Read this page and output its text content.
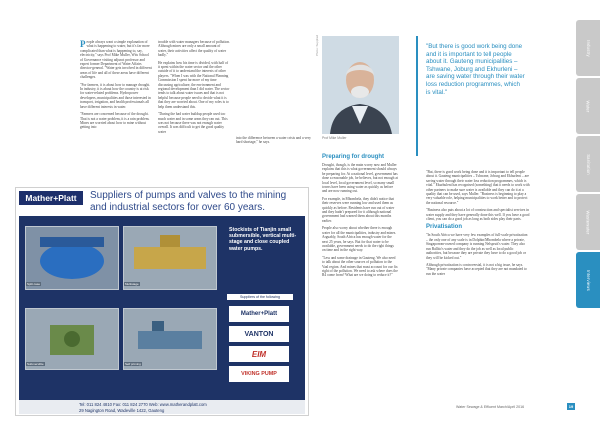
People always want a simple explanation of what is happening to water, but it's far more complicated than what is happening to, say, electricity," says Prof Mike Muller, Wits School of Governance visiting adjunct professor and expert former Department of Water Affairs director-general. "Water gets involved in different areas of life and all of these areas have different challenges.

"For farmers, it is about how to manage drought. In industry, it is about how the country is at risk for water-related problems. Hydropower developers, municipalities and those interested in transport, irrigation, and health professionals all have different interests in water.

"Farmers are concerned because of the drought. That is not a water problem, it is a rain problem. Mines are worried about how to mine without getting into

trouble with water managers because of pollution. Although mines are only a small amount of water, their activities affect the quality of water badly."

He explains how his time is divided, with half of it spent within the water sector and the other outside of it to understand the interests of other players. "When I was with the National Planning Commission I spent far more of my time discussing agriculture, the environment and regional development than I did water. The sector tends to talk about water issues and that is not helpful because people need to decide what it is that they are worried about. One of my roles is to help them understand this.

"During the bad water buildup people used too much water and in some areas they ran out. This was not because there was not enough water overall. It was difficult to get the good quality water

into the difference between a water crisis and a very hard shortage," he says.

Preparing for drought

Drought, though, is the main worry now and Muller explains that this is what government should always be preparing for. At a national level, government has done a reasonable job, he believes, but not enough at local level, local government level, so many small towns have been using water as quickly as before and are now running out.

For example, in Mbombela, they didn't notice that their reserves were running low and used them as quickly as before. Residents have run out of water and they hadn't prepared for it although national government had warned them about this months earlier.

People also worry about whether there is enough water for all the municipalities, industry and mines. Arguably, South Africa has enough water for the next 25 years, he says. But for that water to be available, government needs to do the right things on time and in the right way.

"Less and some drainage in Gauteng. We also need to talk about the other sources of pollution to the Vaal region. And mines that must account for our fix right of the pollution. We need to ask where does the R4 come from? What are we doing to reduce it?"

Photo: Supplied
Prof Mike Muller
"But there is good work being done and it is important to tell people about it. Gauteng municipalities – Tshwane, Joburg and Ekhurleni – are saving water through their water loss reduction programmes, which is vital."

"But, there is good work being done and it is important to tell people about it. Gauteng municipalities – Tshwane, Joburg and Ekhurleni – are saving water through their water loss reduction programmes, which is vital." Ekurhuleni has recognised (something) that it needs to work with other partners to make sure water is available and they can do it at a quality that can be used, says Muller. "Business is beginning to play a very valuable role, helping municipalities to work better and to protect the national resource."

"Business also puts about a lot of construction and specialist services in water supply and they have generally done this well. If you have a good client, you can do a good job as long as both sides play their parts.

Privatisation

"In South Africa we have very few examples of full-scale privatisation – the only one of any scale is in Dolphin/Mbombela where a private, Singaporean-owned company is running Nelspruit's water. They also run Ballito's water and they do the job as well as local public authorities, but because they are private they have to do a good job or they will be kicked out."

Although privatisation is controversial, it is not a big issue, he says. "Many private companies have accepted that they are not mandated to run the water

Industry
Water
Sanitation
Wastewater
Interviews
Mather+Platt	Suppliers of pumps and valves to the mining and industrial sectors for over 60 years.
Split case	Multistage
Submersible	Self priming
Stockists of Tianjin small submersible, vertical multi-stage and close coupled water pumps.
Suppliers of the following
Mather+Platt
VANTON
EIM
VIKING PUMP
Tel: 011 824 4810 Fax: 011 824 2770 Web: www.matherandplatt.com
29 Nagington Road, Wadeville 1422, Gauteng
Water Sewage & Effluent March/April 2016	19
